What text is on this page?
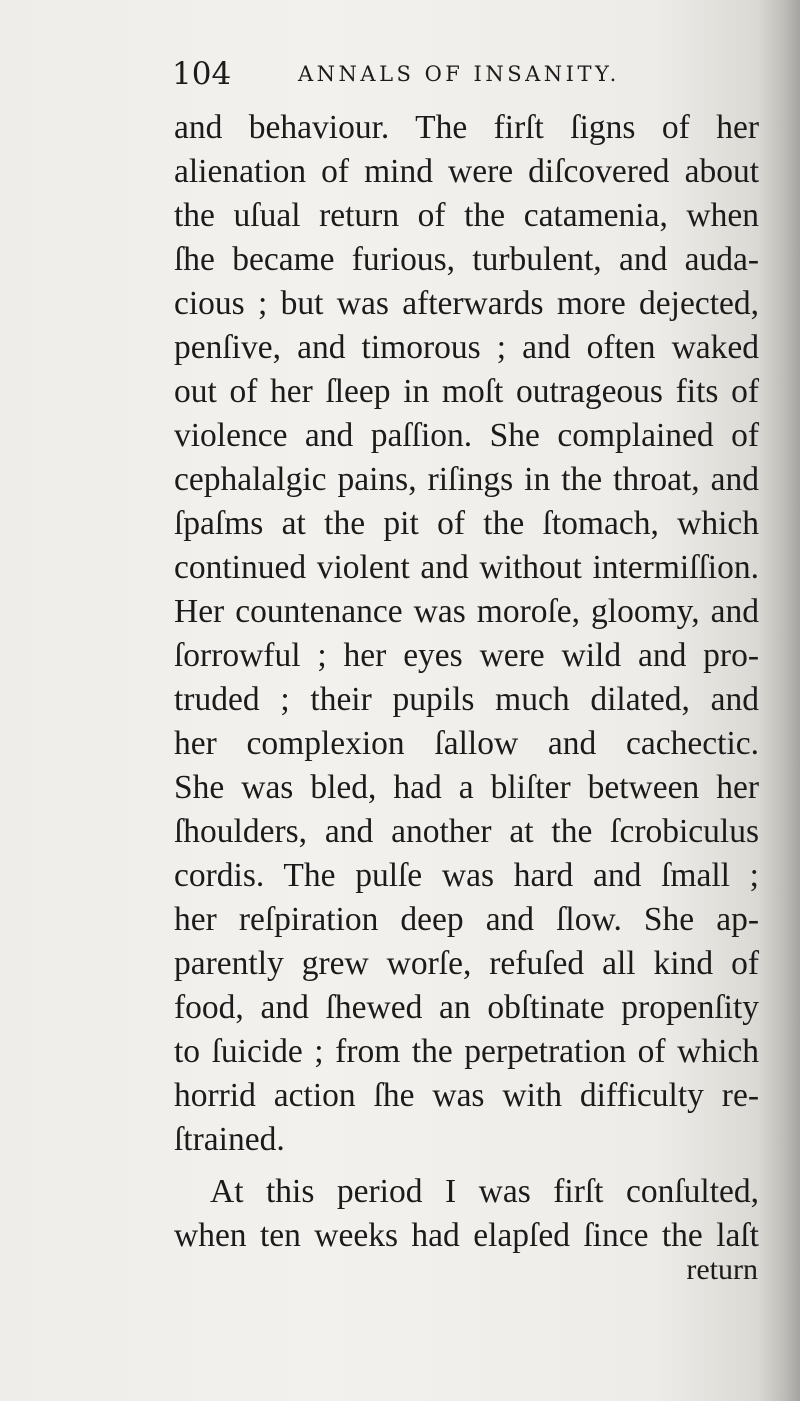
104	ANNALS OF INSANITY.
and behaviour. The firſt ſigns of her
alienation of mind were diſcovered about
the uſual return of the catamenia, when
ſhe became furious, turbulent, and auda-
cious ; but was afterwards more dejected,
penſive, and timorous ; and often waked
out of her ſleep in moſt outrageous fits of
violence and paſſion. She complained of
cephalalgic pains, riſings in the throat, and
ſpaſms at the pit of the ſtomach, which
continued violent and without intermiſſion.
Her countenance was moroſe, gloomy, and
ſorrowful ; her eyes were wild and pro-
truded ; their pupils much dilated, and
her complexion ſallow and cachectic.
She was bled, had a bliſter between her
ſhoulders, and another at the ſcrobiculus
cordis. The pulſe was hard and ſmall ;
her reſpiration deep and ſlow. She ap-
parently grew worſe, refuſed all kind of
food, and ſhewed an obſtinate propenſity
to ſuicide ; from the perpetration of which
horrid action ſhe was with difficulty re-
ſtrained.
At this period I was firſt conſulted,
when ten weeks had elapſed ſince the laſt
return
